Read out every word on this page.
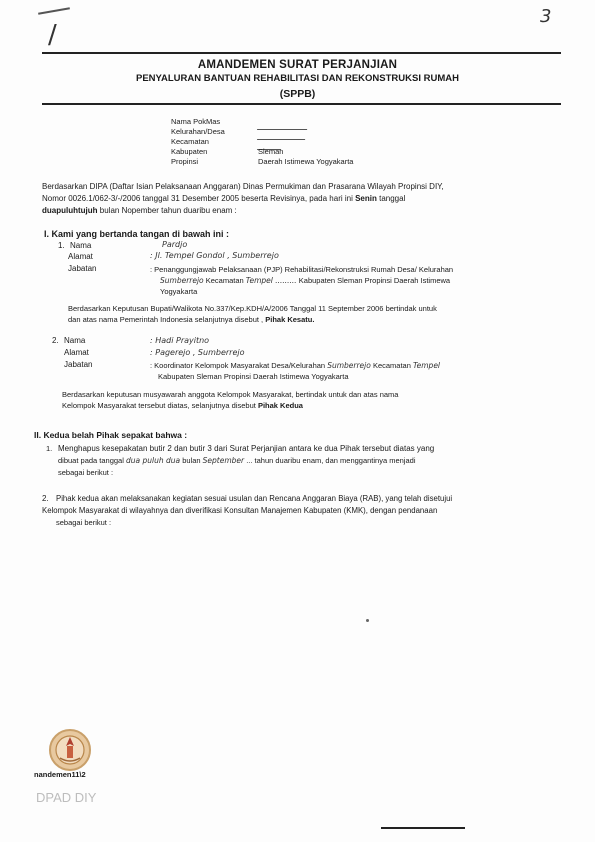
/
3
AMANDEMEN SURAT PERJANJIAN
PENYALURAN BANTUAN REHABILITASI DAN REKONSTRUKSI RUMAH
(SPPB)
Nama PokMas
Kelurahan/Desa
Kecamatan
Kabupaten	Sleman
Propinsi	Daerah Istimewa Yogyakarta
Berdasarkan DIPA (Daftar Isian Pelaksanaan Anggaran) Dinas Permukiman dan Prasarana Wilayah Propinsi DIY,
Nomor 0026.1/062-3/-/2006 tanggal 31 Desember 2005 beserta Revisinya, pada hari ini Senin tanggal
duapuluhtujuh bulan Nopember tahun duaribu enam :
I. Kami yang bertanda tangan di bawah ini :
1. Nama	Pardjo
Alamat	: Jl. Tempel Gondol , Sumberrejo
Jabatan	: Penanggungjawab Pelaksanaan (PJP) Rehabilitasi/Rekonstruksi Rumah Desa/ Kelurahan
Sumberrejo Kecamatan Tempel ......... Kabupaten Sleman Propinsi Daerah Istimewa
Yogyakarta
Berdasarkan Keputusan Bupati/Walikota No.337/Kep.KDH/A/2006 Tanggal 11 September 2006 bertindak untuk
dan atas nama Pemerintah Indonesia selanjutnya disebut , Pihak Kesatu.
2. Nama	: Hadi Prayitno
Alamat	: Pagerejo , Sumberrejo
Jabatan	: Koordinator Kelompok Masyarakat Desa/Kelurahan Sumberrejo Kecamatan Tempel
Kabupaten Sleman Propinsi Daerah Istimewa Yogyakarta
Berdasarkan keputusan musyawarah anggota Kelompok Masyarakat, bertindak untuk dan atas nama
Kelompok Masyarakat tersebut diatas, selanjutnya disebut Pihak Kedua
II. Kedua belah Pihak sepakat bahwa :
1. Menghapus kesepakatan butir 2 dan butir 3 dari Surat Perjanjian antara ke dua Pihak tersebut diatas yang
dibuat pada tanggal dua puluh dua bulan September ... tahun duaribu enam, dan menggantinya menjadi
sebagai berikut :
2. Pihak kedua akan melaksanakan kegiatan sesuai usulan dan Rencana Anggaran Biaya (RAB), yang telah disetujui
Kelompok Masyarakat di wilayahnya dan diverifikasi Konsultan Manajemen Kabupaten (KMK), dengan pendanaan
sebagai berikut :
nandemen11\2
DPAD DIY
